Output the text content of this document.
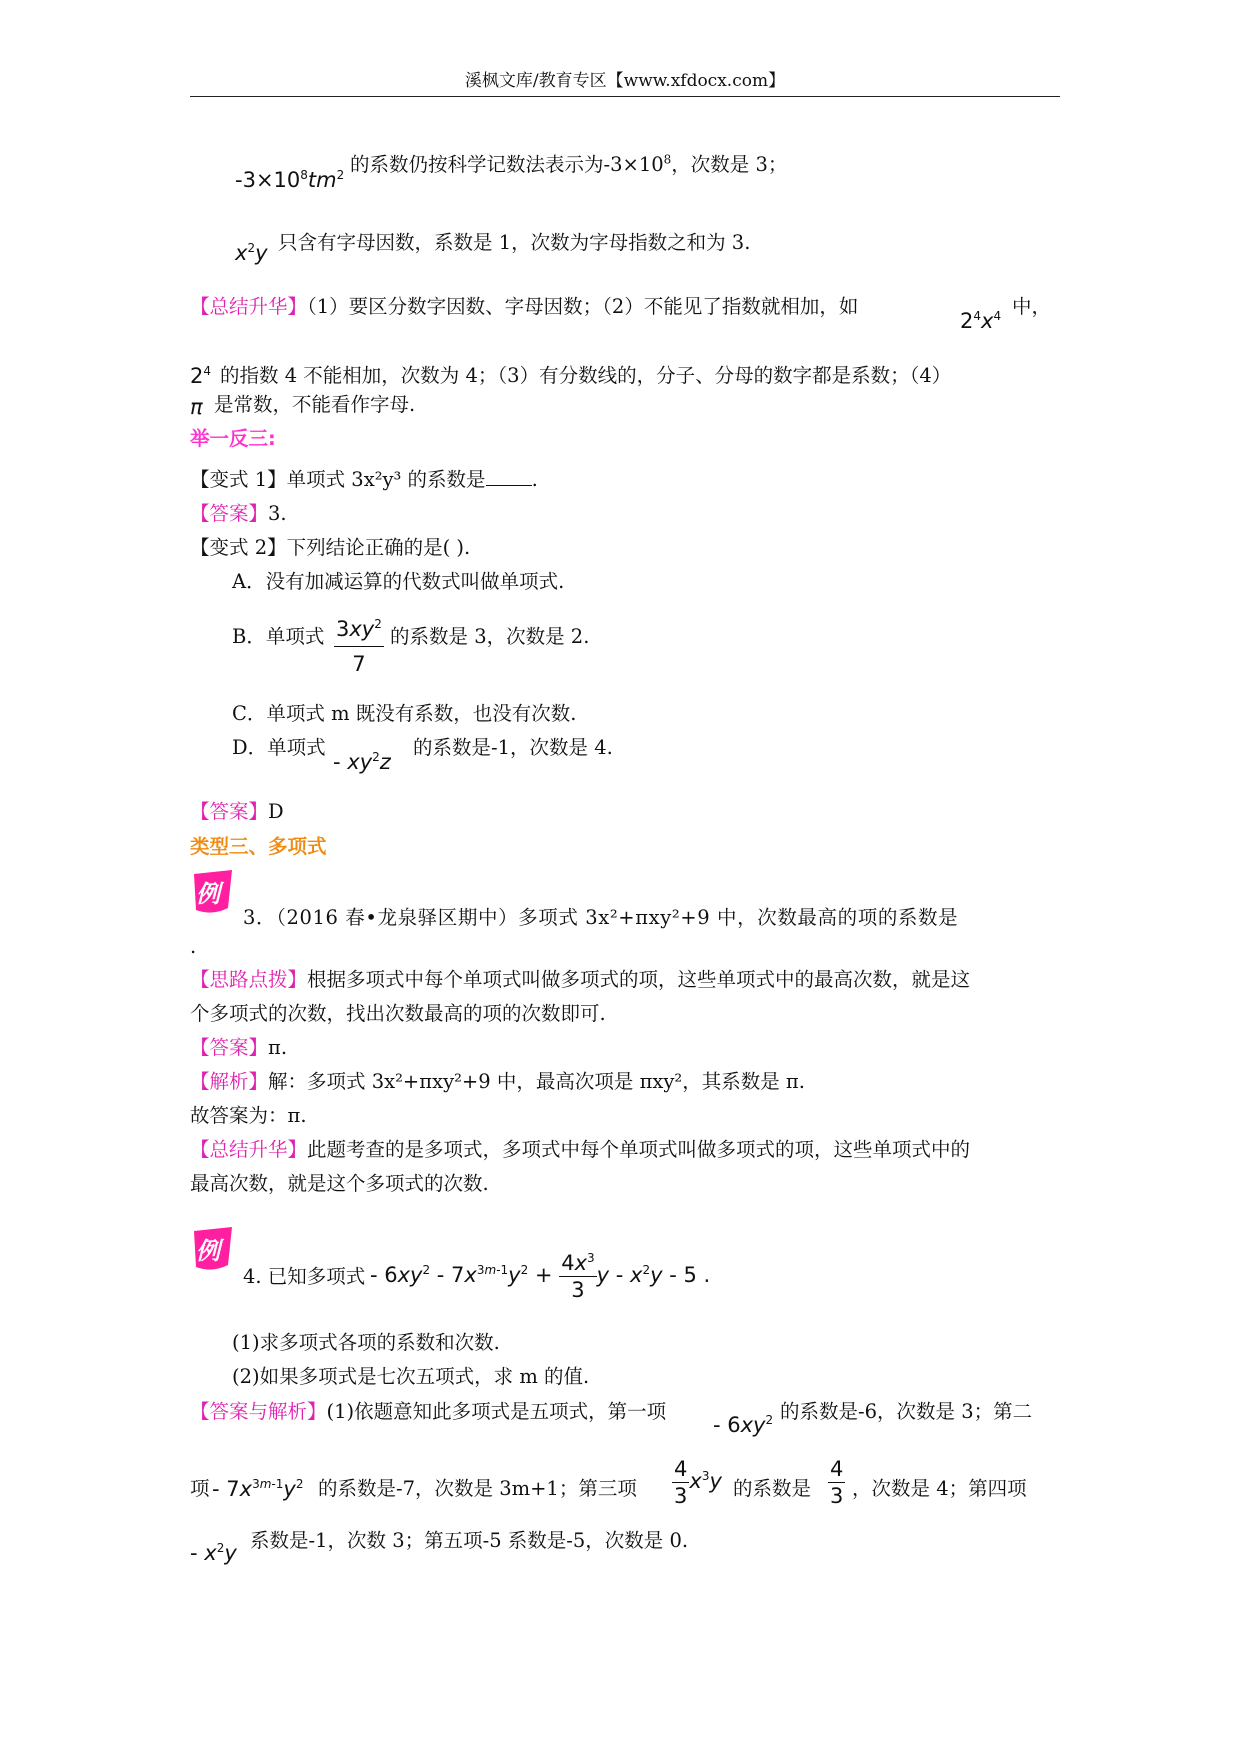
溪枫文库/教育专区【www.xfdocx.com】
$-3\times 10^8tm^2$ 的系数仍按科学记数法表示为$-3\times 10^8$，次数是 3；
$x^2y$ 只含有字母因数，系数是 1，次数为字母指数之和为 3.
【总结升华】（1）要区分数字因数、字母因数；（2）不能见了指数就相加，如
$2^4x^4$ 中，
$2^4$ 的指数 4 不能相加，次数为 4；（3）有分数线的，分子、分母的数字都是系数；（4）
π 是常数，不能看作字母.
举一反三:
【变式 1】单项式 3x²y³ 的系数是 .
【答案】3.
【变式 2】下列结论正确的是( ).
A．没有加减运算的代数式叫做单项式.
B．单项式 $\frac{3xy^2}{7}$ 的系数是 3，次数是 2.
C．单项式 m 既没有系数，也没有次数.
D．单项式
- $xy^2z$
的系数是-1，次数是 4.
【答案】D
类型三、多项式
例
3．（2016 春•龙泉驿区期中）多项式 3x²+πxy²+9 中，次数最高的项的系数是
.
【思路点拨】根据多项式中每个单项式叫做多项式的项，这些单项式中的最高次数，就是这
个多项式的次数，找出次数最高的项的次数即可.
【答案】π.
【解析】解：多项式 3x²+πxy²+9 中，最高次项是 πxy²，其系数是 π.
故答案为：π.
【总结升华】此题考查的是多项式，多项式中每个单项式叫做多项式的项，这些单项式中的
最高次数，就是这个多项式的次数.
例
4. 已知多项式 - $6xy^2 - 7x^{3m-1}y^2 + \frac{4x^3}{3}$ y - $x^2y - 5$ .
(1)求多项式各项的系数和次数.
(2)如果多项式是七次五项式，求 m 的值.
【答案与解析】(1)依题意知此多项式是五项式，第一项
- $6xy^2$ 的系数是-6，次数是 3；第二
项 - $7x^{3m-1}y^2$ 的系数是-7，次数是 3m+1；第三项 $\frac{4}{3} x^3y$ 的系数是 $\frac{4}{3}$ ，次数是 4；第四项
- $x^2y$
系数是-1，次数 3；第五项-5 系数是-5，次数是 0.
